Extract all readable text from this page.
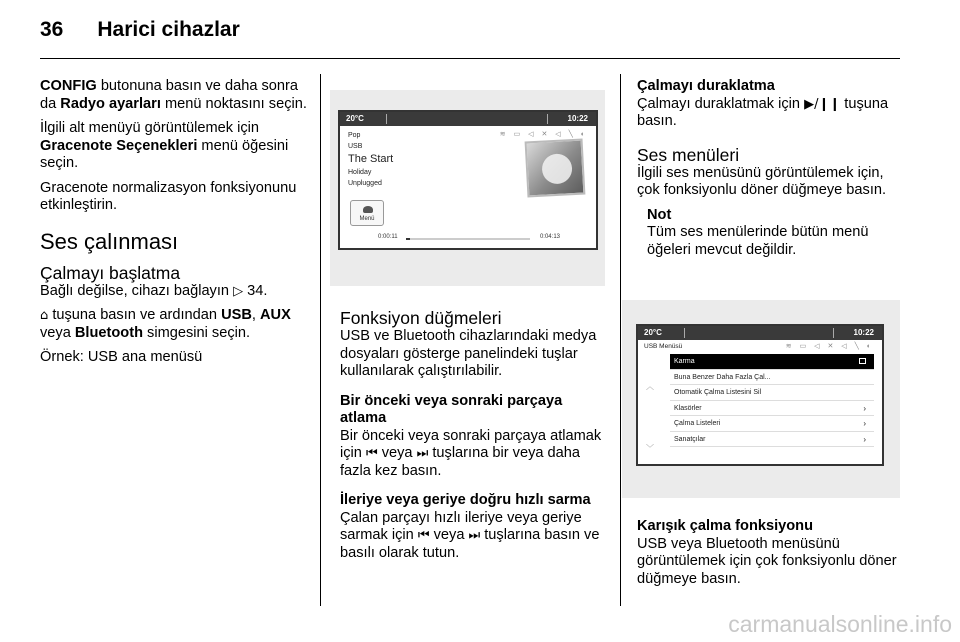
36 Harici cihazlar

CONFIG butonuna basın ve daha sonra da Radyo ayarları menü noktasını seçin.

İlgili alt menüyü görüntülemek için Gracenote Seçenekleri menü öğesini seçin.

Gracenote normalizasyon fonksiyonunu etkinleştirin.

Ses çalınması
Çalmayı başlatma

Bağlı değilse, cihazı bağlayın ▷ 34.

⌂ tuşuna basın ve ardından USB, AUX veya Bluetooth simgesini seçin.

Örnek: USB ana menüsü

20°C	10:22
Pop
USB
The Start
Holiday
Unplugged
≋ ▭ ◁ ✕ ◁ ╲ ◐
Menü
0:00:11	0:04:13
Fonksiyon düğmeleri

USB ve Bluetooth cihazlarındaki medya dosyaları gösterge panelindeki tuşlar kullanılarak çalıştırılabilir.

Bir önceki veya sonraki parçaya atlama

Bir önceki veya sonraki parçaya atlamak için ⏮ veya ⏭ tuşlarına bir veya daha fazla kez basın.

İleriye veya geriye doğru hızlı sarma

Çalan parçayı hızlı ileriye veya geriye sarmak için ⏮ veya ⏭ tuşlarına basın ve basılı olarak tutun.

Çalmayı duraklatma

Çalmayı duraklatmak için ▶/❙❙ tuşuna basın.

Ses menüleri

İlgili ses menüsünü görüntülemek için, çok fonksiyonlu döner düğmeye basın.

Not
Tüm ses menülerinde bütün menü öğeleri mevcut değildir.
20°C	10:22
USB Menüsü	≋ ▭ ◁ ✕ ◁ ╲ ◐
︿
﹀
Karma
Buna Benzer Daha Fazla Çal...
Otomatik Çalma Listesini Sil
Klasörler	›
Çalma Listeleri	›
Sanatçılar	›
Karışık çalma fonksiyonu

USB veya Bluetooth menüsünü görüntülemek için çok fonksiyonlu döner düğmeye basın.

carmanualsonline.info
